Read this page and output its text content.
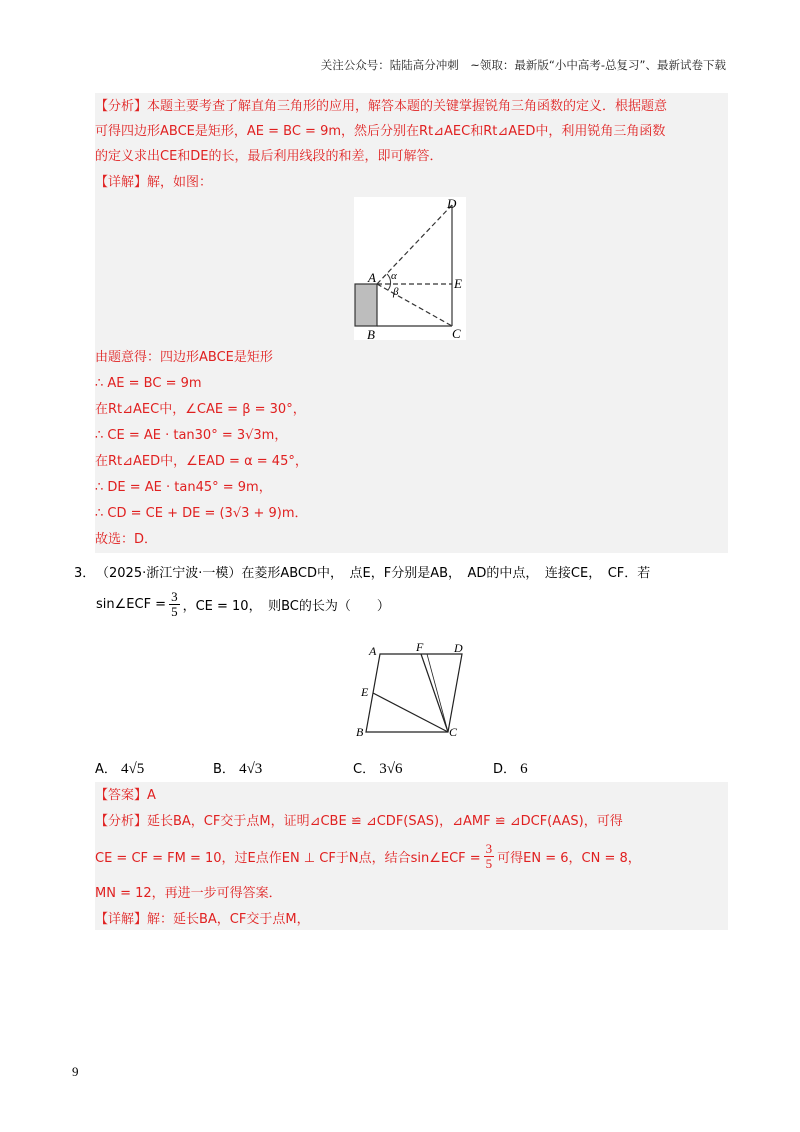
关注公众号：陆陆高分冲刺　~领取：最新版“小中高考-总复习”、最新试卷下载
【分析】本题主要考查了解直角三角形的应用，解答本题的关键掌握锐角三角函数的定义．根据题意
可得四边形ABCE是矩形，AE = BC = 9m，然后分别在Rt⊿AEC和Rt⊿AED中，利用锐角三角函数
的定义求出CE和DE的长，最后利用线段的和差，即可解答．
【详解】解，如图：
A
B	C
D
E
α
β
由题意得：四边形ABCE是矩形
∴ AE = BC = 9m
在Rt⊿AEC中，∠CAE = β = 30°，
∴ CE = AE · tan30° = 3√3m，
在Rt⊿AED中，∠EAD = α = 45°，
∴ DE = AE · tan45° = 9m，
∴ CD = CE + DE = (3√3 + 9)m．
故选：D．
3． （2025·浙江宁波·一模）在菱形ABCD中，　点E，F分别是AB，　AD的中点，　连接CE，　CF．若
sin∠ECF = $\frac{3}{5}$ ，CE = 10，　则BC的长为（　　）
A
B	C
D
E
F
A． 4√5	B． 4√3	C． 3√6	D． 6
【答案】A
【分析】延长BA，CF交于点M，证明⊿CBE ≌ ⊿CDF(SAS)，⊿AMF ≌ ⊿DCF(AAS)，可得
CE = CF = FM = 10，过E点作EN ⊥ CF于N点，结合sin∠ECF = $\frac{3}{5}$ 可得EN = 6，CN = 8，
MN = 12，再进一步可得答案．
【详解】解：延长BA，CF交于点M，
9
